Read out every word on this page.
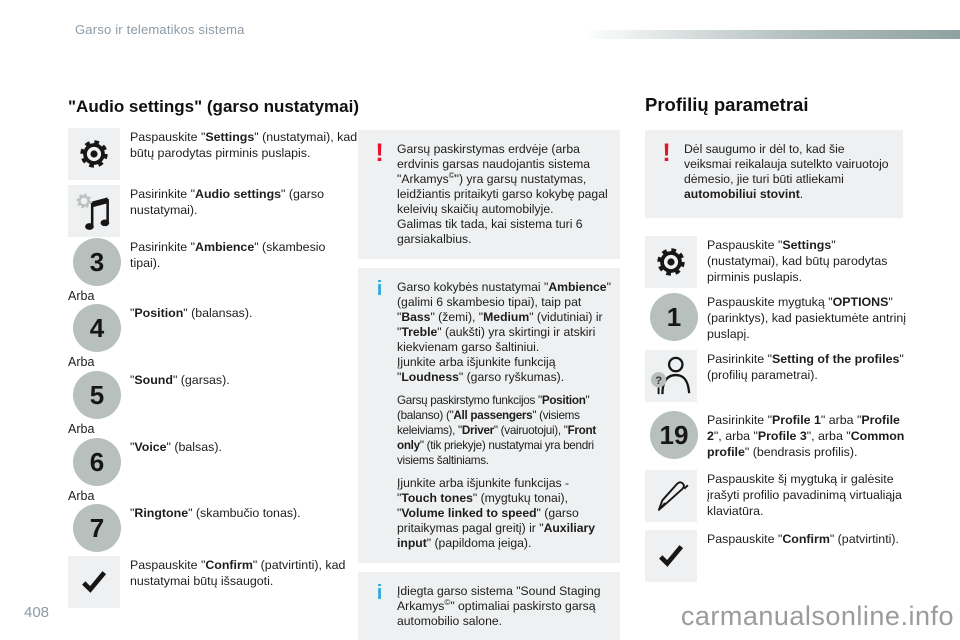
Garso ir telematikos sistema
"Audio settings" (garso nustatymai)
Paspauskite "Settings" (nustatymai), kad būtų parodytas pirminis puslapis.
Pasirinkite "Audio settings" (garso nustatymai).
3	Pasirinkite "Ambience" (skambesio tipai).
Arba
4	"Position" (balansas).
Arba
5	"Sound" (garsas).
Arba
6	"Voice" (balsas).
Arba
7	"Ringtone" (skambučio tonas).
Paspauskite "Confirm" (patvirtinti), kad nustatymai būtų išsaugoti.
!	Garsų paskirstymas erdvėje (arba erdvinis garsas naudojantis sistema "Arkamys©") yra garsų nustatymas, leidžiantis pritaikyti garso kokybę pagal keleivių skaičių automobilyje.
Galimas tik tada, kai sistema turi 6 garsiakalbius.
i	Garso kokybės nustatymai "Ambience" (galimi 6 skambesio tipai), taip pat "Bass" (žemi), "Medium" (vidutiniai) ir "Treble" (aukšti) yra skirtingi ir atskiri kiekvienam garso šaltiniui.
Įjunkite arba išjunkite funkciją "Loudness" (garso ryškumas).

Garsų paskirstymo funkcijos "Position" (balanso) ("All passengers" (visiems keleiviams), "Driver" (vairuotojui), "Front only" (tik priekyje) nustatymai yra bendri visiems šaltiniams.

Įjunkite arba išjunkite funkcijas - "Touch tones" (mygtukų tonai), "Volume linked to speed" (garso pritaikymas pagal greitį) ir "Auxiliary input" (papildoma įeiga).

i	Įdiegta garso sistema "Sound Staging Arkamys©" optimaliai paskirsto garsą automobilio salone.
Profilių parametrai
!	Dėl saugumo ir dėl to, kad šie veiksmai reikalauja sutelkto vairuotojo dėmesio, jie turi būti atliekami automobiliui stovint.
Paspauskite "Settings" (nustatymai), kad būtų parodytas pirminis puslapis.
1	Paspauskite mygtuką "OPTIONS" (parinktys), kad pasiektumėte antrinį puslapį.
?
Pasirinkite "Setting of the profiles" (profilių parametrai).
19	Pasirinkite "Profile 1" arba "Profile 2", arba "Profile 3", arba "Common profile" (bendrasis profilis).
Paspauskite šį mygtuką ir galėsite įrašyti profilio pavadinimą virtualiąja klaviatūra.
Paspauskite "Confirm" (patvirtinti).
408	carmanualsonline.info
